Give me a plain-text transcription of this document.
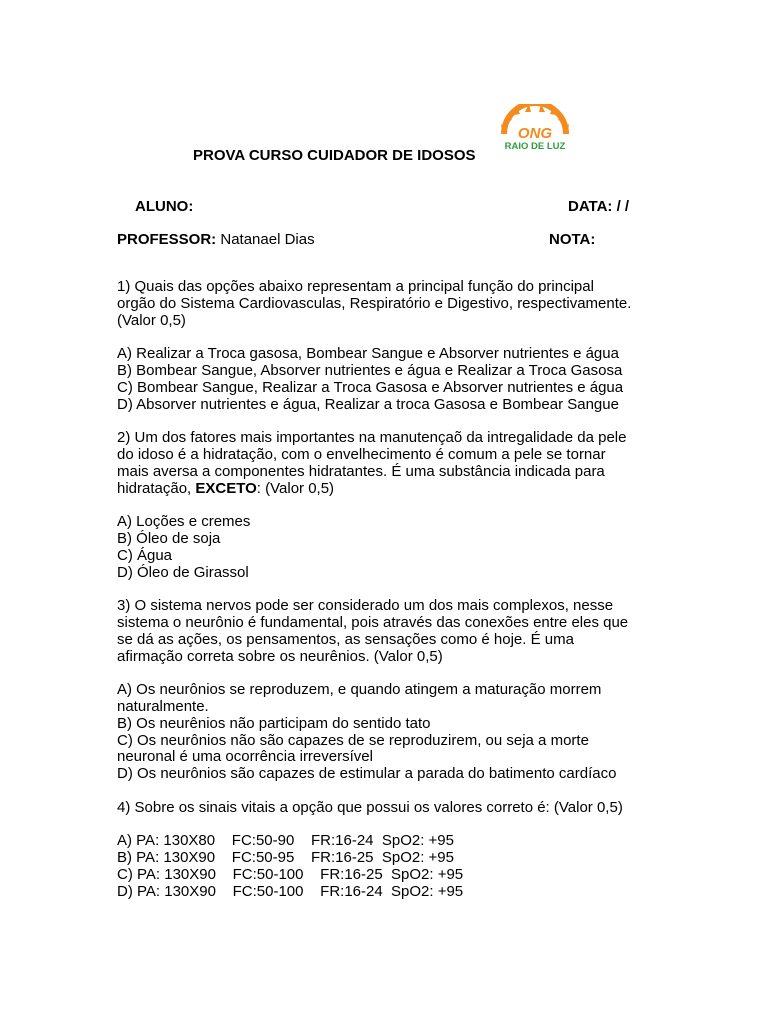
ONG
RAIO DE LUZ
PROVA CURSO CUIDADOR DE IDOSOS
ALUNO:	DATA: / /
PROFESSOR: Natanael Dias	NOTA:
1) Quais das opções abaixo representam a principal função do principal
orgão do Sistema Cardiovasculas, Respiratório e Digestivo, respectivamente.
(Valor 0,5)
A) Realizar a Troca gasosa, Bombear Sangue e Absorver nutrientes e água
B) Bombear Sangue, Absorver nutrientes e água e Realizar a Troca Gasosa
C) Bombear Sangue, Realizar a Troca Gasosa e Absorver nutrientes e água
D) Absorver nutrientes e água, Realizar a troca Gasosa e Bombear Sangue
2) Um dos fatores mais importantes na manutençaõ da intregalidade da pele
do idoso é a hidratação, com o envelhecimento é comum a pele se tornar
mais aversa a componentes hidratantes. É uma substância indicada para
hidratação, EXCETO: (Valor 0,5)
A) Loções e cremes
B) Óleo de soja
C) Água
D) Óleo de Girassol
3) O sistema nervos pode ser considerado um dos mais complexos, nesse
sistema o neurônio é fundamental, pois através das conexões entre eles que
se dá as ações, os pensamentos, as sensações como é hoje. É uma
afirmação correta sobre os neurênios. (Valor 0,5)
A) Os neurônios se reproduzem, e quando atingem a maturação morrem
naturalmente.
B) Os neurênios não participam do sentido tato
C) Os neurônios não são capazes de se reproduzirem, ou seja a morte
neuronal é uma ocorrência irreversível
D) Os neurônios são capazes de estimular a parada do batimento cardíaco
4) Sobre os sinais vitais a opção que possui os valores correto é: (Valor 0,5)
A) PA: 130X80    FC:50-90    FR:16-24  SpO2: +95
B) PA: 130X90    FC:50-95    FR:16-25  SpO2: +95
C) PA: 130X90    FC:50-100    FR:16-25  SpO2: +95
D) PA: 130X90    FC:50-100    FR:16-24  SpO2: +95
